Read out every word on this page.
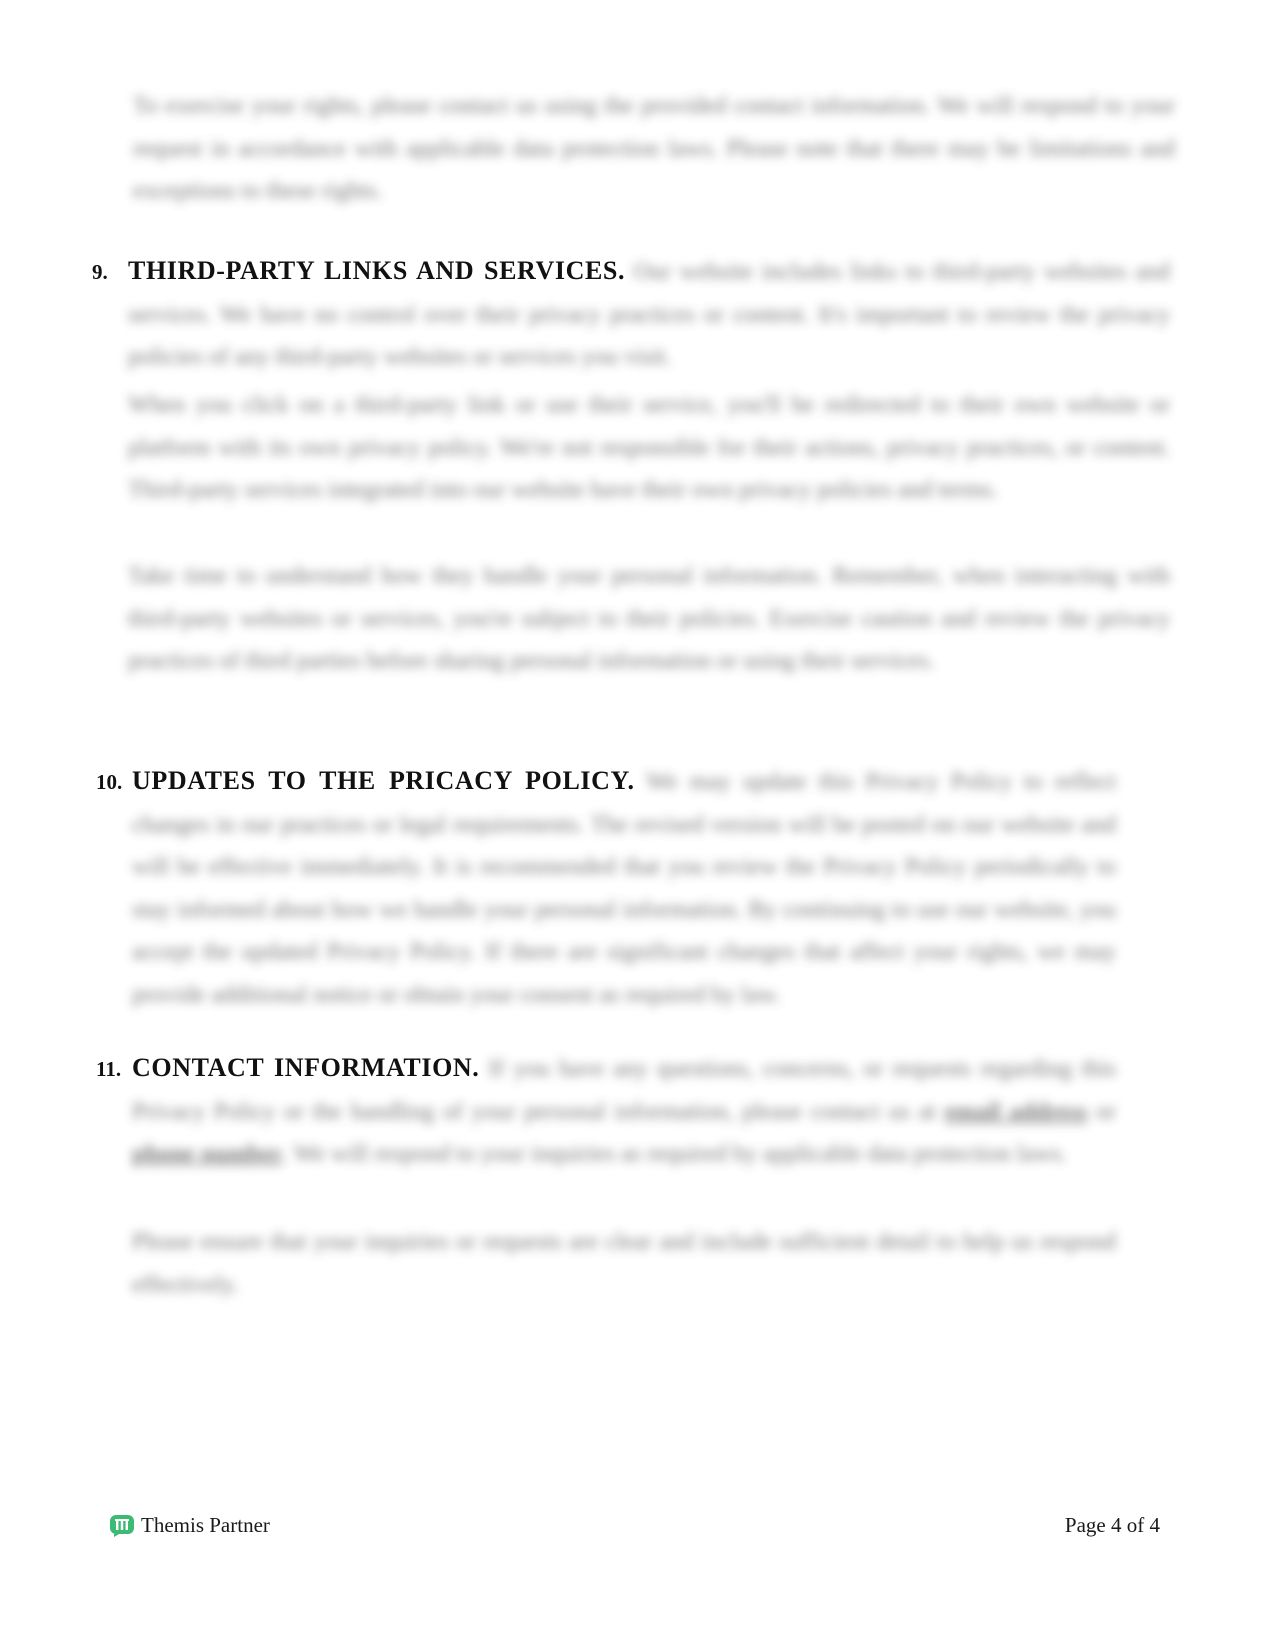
To exercise your rights, please contact us using the provided contact information. We will respond to your request in accordance with applicable data protection laws. Please note that there may be limitations and exceptions to these rights.
9. THIRD-PARTY LINKS AND SERVICES. Our website includes links to third-party websites and services. We have no control over their privacy practices or content. It's important to review the privacy policies of any third-party websites or services you visit.
When you click on a third-party link or use their service, you'll be redirected to their own website or platform with its own privacy policy. We're not responsible for their actions, privacy practices, or content. Third-party services integrated into our website have their own privacy policies and terms.
Take time to understand how they handle your personal information. Remember, when interacting with third-party websites or services, you're subject to their policies. Exercise caution and review the privacy practices of third parties before sharing personal information or using their services.
10. UPDATES TO THE PRICACY POLICY. We may update this Privacy Policy to reflect changes in our practices or legal requirements. The revised version will be posted on our website and will be effective immediately. It is recommended that you review the Privacy Policy periodically to stay informed about how we handle your personal information. By continuing to use our website, you accept the updated Privacy Policy. If there are significant changes that affect your rights, we may provide additional notice or obtain your consent as required by law.
11. CONTACT INFORMATION. If you have any questions, concerns, or requests regarding this Privacy Policy or the handling of your personal information, please contact us at email address or phone number. We will respond to your inquiries as required by applicable data protection laws.
Please ensure that your inquiries or requests are clear and include sufficient detail to help us respond effectively.
Themis Partner	Page 4 of 4
